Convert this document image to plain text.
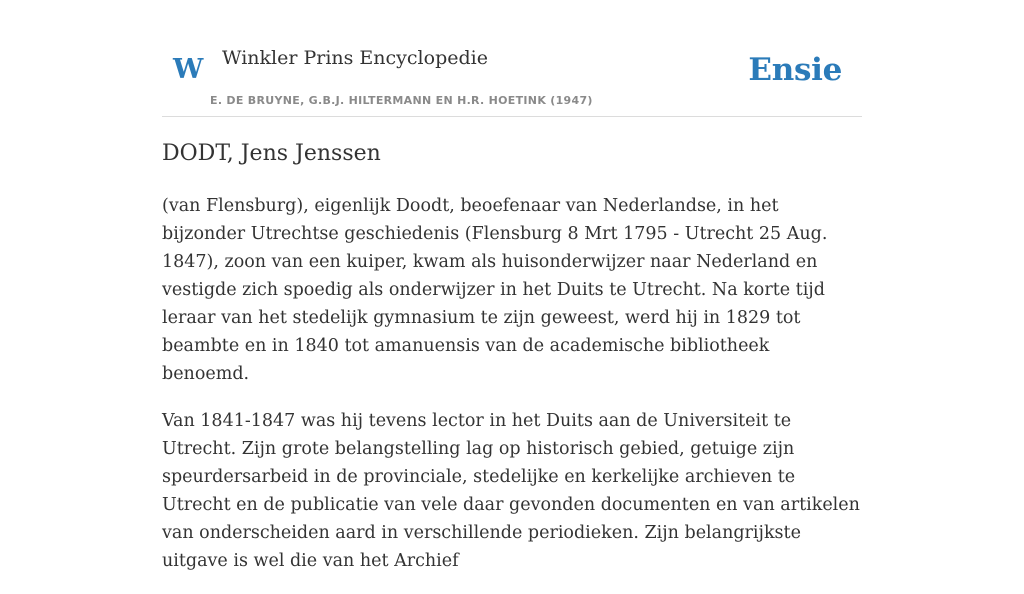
W Winkler Prins Encyclopedie
E. DE BRUYNE, G.B.J. HILTERMANN EN H.R. HOETINK (1947)
Ensie
DODT, Jens Jenssen

(van Flensburg), eigenlijk Doodt, beoefenaar van Nederlandse, in het bijzonder Utrechtse geschiedenis (Flensburg 8 Mrt 1795 - Utrecht 25 Aug. 1847), zoon van een kuiper, kwam als huisonderwijzer naar Nederland en vestigde zich spoedig als onderwijzer in het Duits te Utrecht. Na korte tijd leraar van het stedelijk gymnasium te zijn geweest, werd hij in 1829 tot beambte en in 1840 tot amanuensis van de academische bibliotheek benoemd.

Van 1841-1847 was hij tevens lector in het Duits aan de Universiteit te Utrecht. Zijn grote belangstelling lag op historisch gebied, getuige zijn speurdersarbeid in de provinciale, stedelijke en kerkelijke archieven te Utrecht en de publicatie van vele daar gevonden documenten en van artikelen van onderscheiden aard in verschillende periodieken. Zijn belangrijkste uitgave is wel die van het Archief
